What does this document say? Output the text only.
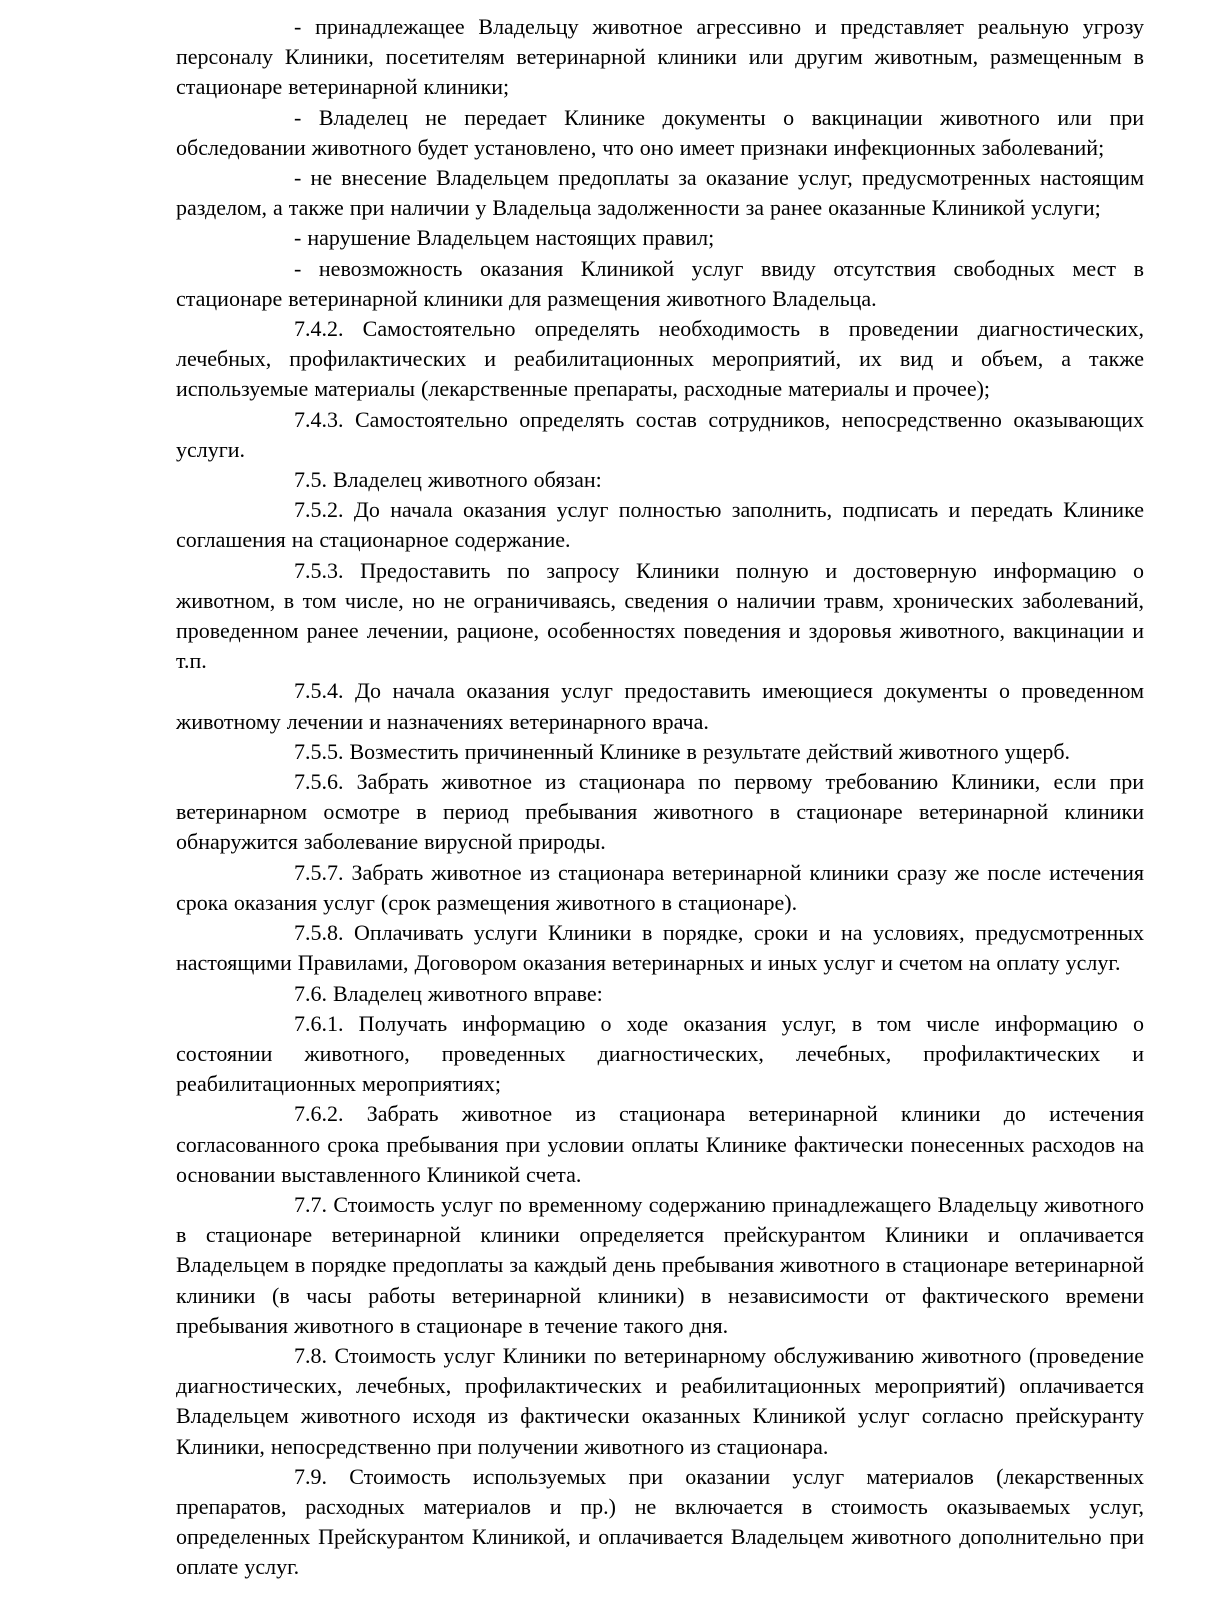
- принадлежащее Владельцу животное агрессивно и представляет реальную угрозу персоналу Клиники, посетителям ветеринарной клиники или другим животным, размещенным в стационаре ветеринарной клиники;

- Владелец не передает Клинике документы о вакцинации животного или при обследовании животного будет установлено, что оно имеет признаки инфекционных заболеваний;

- не внесение Владельцем предоплаты за оказание услуг, предусмотренных настоящим разделом, а также при наличии у Владельца задолженности за ранее оказанные Клиникой услуги;

- нарушение Владельцем настоящих правил;

- невозможность оказания Клиникой услуг ввиду отсутствия свободных мест в стационаре ветеринарной клиники для размещения животного Владельца.

7.4.2. Самостоятельно определять необходимость в проведении диагностических, лечебных, профилактических и реабилитационных мероприятий, их вид и объем, а также используемые материалы (лекарственные препараты, расходные материалы и прочее);

7.4.3. Самостоятельно определять состав сотрудников, непосредственно оказывающих услуги.

7.5. Владелец животного обязан:

7.5.2. До начала оказания услуг полностью заполнить, подписать и передать Клинике соглашения на стационарное содержание.

7.5.3. Предоставить по запросу Клиники полную и достоверную информацию о животном, в том числе, но не ограничиваясь, сведения о наличии травм, хронических заболеваний, проведенном ранее лечении, рационе, особенностях поведения и здоровья животного, вакцинации и т.п.

7.5.4. До начала оказания услуг предоставить имеющиеся документы о проведенном животному лечении и назначениях ветеринарного врача.

7.5.5. Возместить причиненный Клинике в результате действий животного ущерб.

7.5.6. Забрать животное из стационара по первому требованию Клиники, если при ветеринарном осмотре в период пребывания животного в стационаре ветеринарной клиники обнаружится заболевание вирусной природы.

7.5.7. Забрать животное из стационара ветеринарной клиники сразу же после истечения срока оказания услуг (срок размещения животного в стационаре).

7.5.8. Оплачивать услуги Клиники в порядке, сроки и на условиях, предусмотренных настоящими Правилами, Договором оказания ветеринарных и иных услуг и счетом на оплату услуг.

7.6. Владелец животного вправе:

7.6.1. Получать информацию о ходе оказания услуг, в том числе информацию о состоянии животного, проведенных диагностических, лечебных, профилактических и реабилитационных мероприятиях;

7.6.2. Забрать животное из стационара ветеринарной клиники до истечения согласованного срока пребывания при условии оплаты Клинике фактически понесенных расходов на основании выставленного Клиникой счета.

7.7. Стоимость услуг по временному содержанию принадлежащего Владельцу животного в стационаре ветеринарной клиники определяется прейскурантом Клиники и оплачивается Владельцем в порядке предоплаты за каждый день пребывания животного в стационаре ветеринарной клиники (в часы работы ветеринарной клиники) в независимости от фактического времени пребывания животного в стационаре в течение такого дня.

7.8. Стоимость услуг Клиники по ветеринарному обслуживанию животного (проведение диагностических, лечебных, профилактических и реабилитационных мероприятий) оплачивается Владельцем животного исходя из фактически оказанных Клиникой услуг согласно прейскуранту Клиники, непосредственно при получении животного из стационара.

7.9. Стоимость используемых при оказании услуг материалов (лекарственных препаратов, расходных материалов и пр.) не включается в стоимость оказываемых услуг, определенных Прейскурантом Клиникой, и оплачивается Владельцем животного дополнительно при оплате услуг.
